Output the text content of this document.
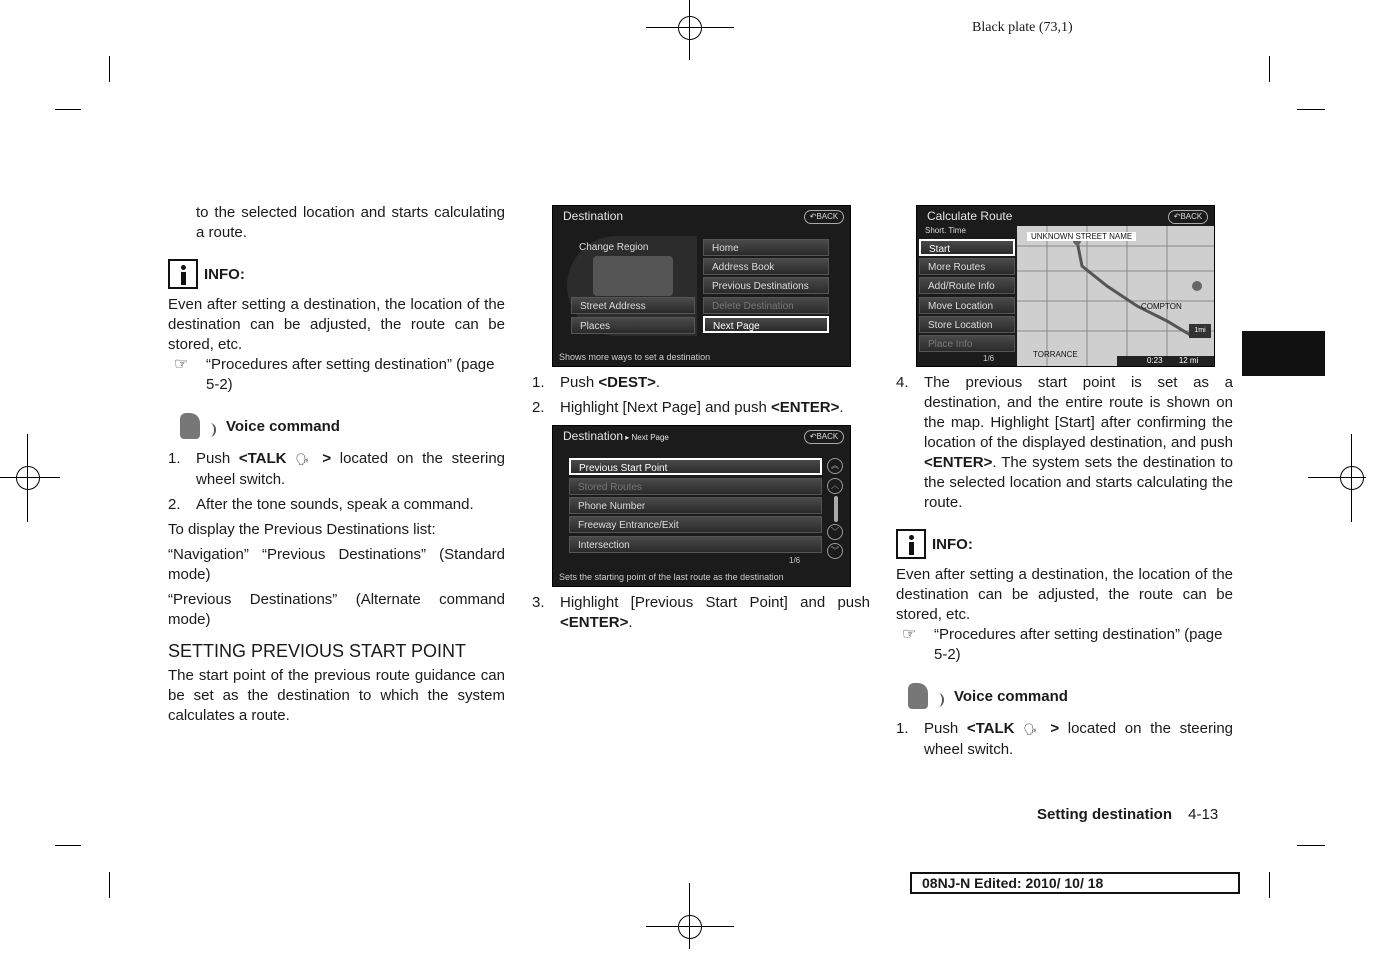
Black plate (73,1)
to the selected location and starts calculating a route.
INFO:
Even after setting a destination, the location of the destination can be adjusted, the route can be stored, etc.
☞	“Procedures after setting destination” (page 5-2)
Voice command
1.	Push <TALK 🗣 > located on the steering wheel switch.
2.	After the tone sounds, speak a command.
To display the Previous Destinations list:
“Navigation” “Previous Destinations” (Standard mode)
“Previous Destinations” (Alternate command mode)
SETTING PREVIOUS START POINT
The start point of the previous route guidance can be set as the destination to which the system calculates a route.
Destination	↶BACK
Change Region
Street Address
Places
Home
Address Book
Previous Destinations
Delete Destination
Next Page
Shows more ways to set a destination
1.	Push <DEST>.
2.	Highlight [Next Page] and push <ENTER>.
Destination ▸ Next Page	↶BACK
Previous Start Point
Stored Routes
Phone Number
Freeway Entrance/Exit
Intersection
︽
︿
﹀
︾
1/6
Sets the starting point of the last route as the destination
3.	Highlight [Previous Start Point] and push <ENTER>.
UNKNOWN STREET NAME
COMPTON
TORRANCE
1mi
0:23 12 mi
Calculate Route	↶BACK
Short. Time
Start
More Routes
Add/Route Info
Move Location
Store Location
Place Info
1/6
4.	The previous start point is set as a destination, and the entire route is shown on the map. Highlight [Start] after confirming the location of the displayed destination, and push <ENTER>. The system sets the destination to the selected location and starts calculating the route.
INFO:
Even after setting a destination, the location of the destination can be adjusted, the route can be stored, etc.
☞	“Procedures after setting destination” (page 5-2)
Voice command
1.	Push <TALK 🗣 > located on the steering wheel switch.
Setting destination 4-13
08NJ-N Edited: 2010/ 10/ 18
